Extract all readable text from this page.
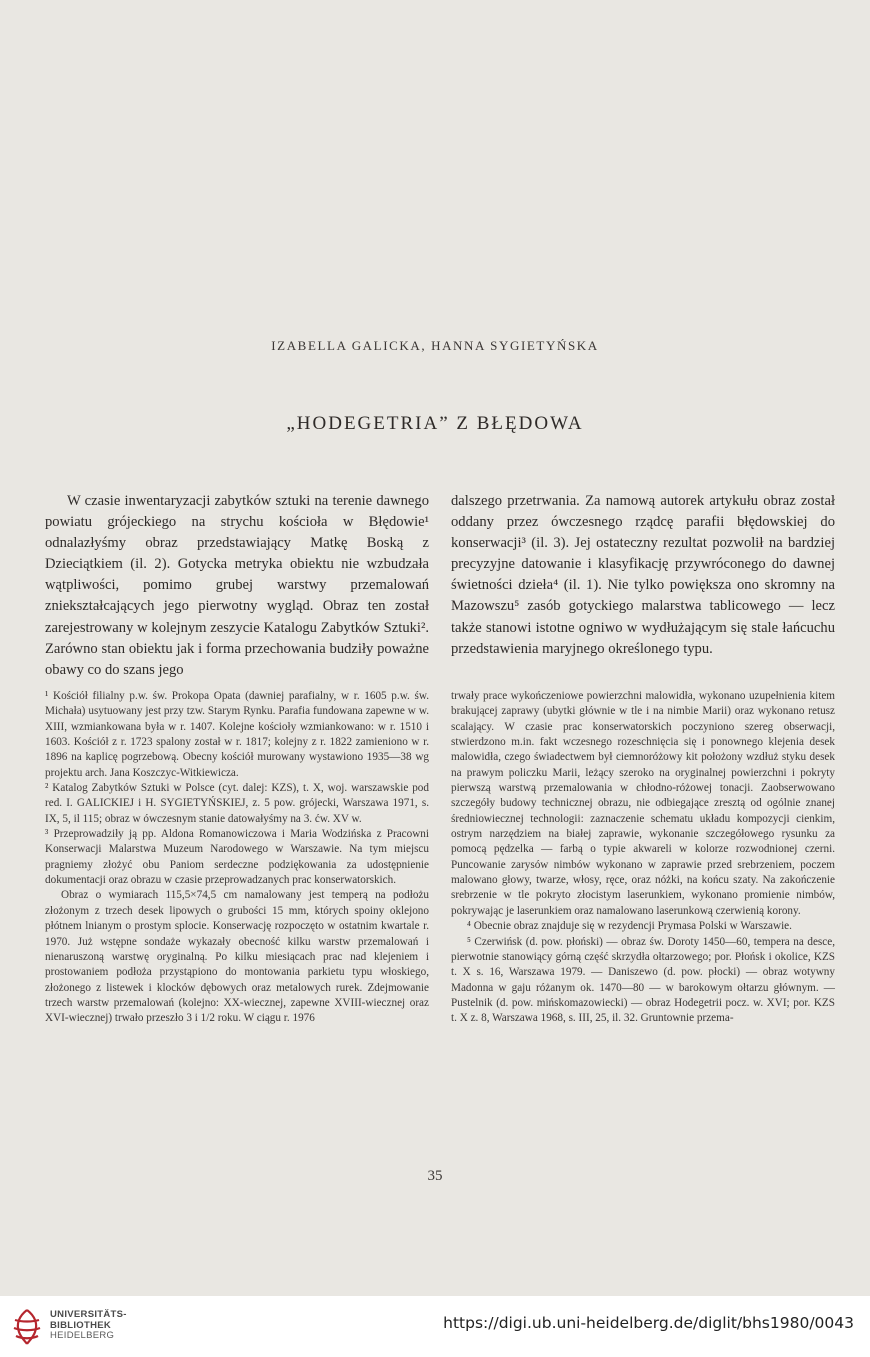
IZABELLA GALICKA, HANNA SYGIETYŃSKA
„HODEGETRIA” Z BŁĘDOWA

W czasie inwentaryzacji zabytków sztuki na terenie dawnego powiatu grójeckiego na strychu kościoła w Błędowie¹ odnalazłyśmy obraz przedstawiający Matkę Boską z Dzieciątkiem (il. 2). Gotycka metryka obiektu nie wzbudzała wątpliwości, pomimo grubej warstwy przemalowań zniekształcających jego pierwotny wygląd. Obraz ten został zarejestrowany w kolejnym zeszycie Katalogu Zabytków Sztuki². Zarówno stan obiektu jak i forma przechowania budziły poważne obawy co do szans jego

dalszego przetrwania. Za namową autorek artykułu obraz został oddany przez ówczesnego rządcę parafii błędowskiej do konserwacji³ (il. 3). Jej ostateczny rezultat pozwolił na bardziej precyzyjne datowanie i klasyfikację przywróconego do dawnej świetności dzieła⁴ (il. 1). Nie tylko powiększa ono skromny na Mazowszu⁵ zasób gotyckiego malarstwa tablicowego — lecz także stanowi istotne ogniwo w wydłużającym się stale łańcuchu przedstawienia maryjnego określonego typu.

¹ Kościół filialny p.w. św. Prokopa Opata (dawniej parafialny, w r. 1605 p.w. św. Michała) usytuowany jest przy tzw. Starym Rynku. Parafia fundowana zapewne w w. XIII, wzmiankowana była w r. 1407. Kolejne kościoły wzmiankowano: w r. 1510 i 1603. Kościół z r. 1723 spalony został w r. 1817; kolejny z r. 1822 zamieniono w r. 1896 na kaplicę pogrzebową. Obecny kościół murowany wystawiono 1935—38 wg projektu arch. Jana Koszczyc-Witkiewicza.

² Katalog Zabytków Sztuki w Polsce (cyt. dalej: KZS), t. X, woj. warszawskie pod red. I. GALICKIEJ i H. SYGIETYŃSKIEJ, z. 5 pow. grójecki, Warszawa 1971, s. IX, 5, il 115; obraz w ówczesnym stanie datowałyśmy na 3. ćw. XV w.

³ Przeprowadziły ją pp. Aldona Romanowiczowa i Maria Wodzińska z Pracowni Konserwacji Malarstwa Muzeum Narodowego w Warszawie. Na tym miejscu pragniemy złożyć obu Paniom serdeczne podziękowania za udostępnienie dokumentacji oraz obrazu w czasie przeprowadzanych prac konserwatorskich.

Obraz o wymiarach 115,5×74,5 cm namalowany jest temperą na podłożu złożonym z trzech desek lipowych o grubości 15 mm, których spoiny oklejono płótnem lnianym o prostym splocie. Konserwację rozpoczęto w ostatnim kwartale r. 1970. Już wstępne sondaże wykazały obecność kilku warstw przemalowań i nienaruszoną warstwę oryginalną. Po kilku miesiącach prac nad klejeniem i prostowaniem podłoża przystąpiono do montowania parkietu typu włoskiego, złożonego z listewek i klocków dębowych oraz metalowych rurek. Zdejmowanie trzech warstw przemalowań (kolejno: XX-wiecznej, zapewne XVIII-wiecznej oraz XVI-wiecznej) trwało przeszło 3 i 1/2 roku. W ciągu r. 1976

trwały prace wykończeniowe powierzchni malowidła, wykonano uzupełnienia kitem brakującej zaprawy (ubytki głównie w tle i na nimbie Marii) oraz wykonano retusz scalający. W czasie prac konserwatorskich poczyniono szereg obserwacji, stwierdzono m.in. fakt wczesnego rozeschnięcia się i ponownego klejenia desek malowidła, czego świadectwem był ciemnoróżowy kit położony wzdłuż styku desek na prawym policzku Marii, leżący szeroko na oryginalnej powierzchni i pokryty pierwszą warstwą przemalowania w chłodno-różowej tonacji. Zaobserwowano szczegóły budowy technicznej obrazu, nie odbiegające zresztą od ogólnie znanej średniowiecznej technologii: zaznaczenie schematu układu kompozycji cienkim, ostrym narzędziem na białej zaprawie, wykonanie szczegółowego rysunku za pomocą pędzelka — farbą o typie akwareli w kolorze rozwodnionej czerni. Puncowanie zarysów nimbów wykonano w zaprawie przed srebrzeniem, poczem malowano głowy, twarze, włosy, ręce, oraz nóżki, na końcu szaty. Na zakończenie srebrzenie w tle pokryto złocistym laserunkiem, wykonano promienie nimbów, pokrywając je laserunkiem oraz namalowano laserunkową czerwienią korony.

⁴ Obecnie obraz znajduje się w rezydencji Prymasa Polski w Warszawie.

⁵ Czerwińsk (d. pow. płoński) — obraz św. Doroty 1450—60, tempera na desce, pierwotnie stanowiący górną część skrzydła ołtarzowego; por. Płońsk i okolice, KZS t. X s. 16, Warszawa 1979. — Daniszewo (d. pow. płocki) — obraz wotywny Madonna w gaju różanym ok. 1470—80 — w barokowym ołtarzu głównym. — Pustelnik (d. pow. mińskomazowiecki) — obraz Hodegetrii pocz. w. XVI; por. KZS t. X z. 8, Warszawa 1968, s. III, 25, il. 32. Gruntownie przema-

35
UNIVERSITÄTS-
BIBLIOTHEK
HEIDELBERG
https://digi.ub.uni-heidelberg.de/diglit/bhs1980/0043
